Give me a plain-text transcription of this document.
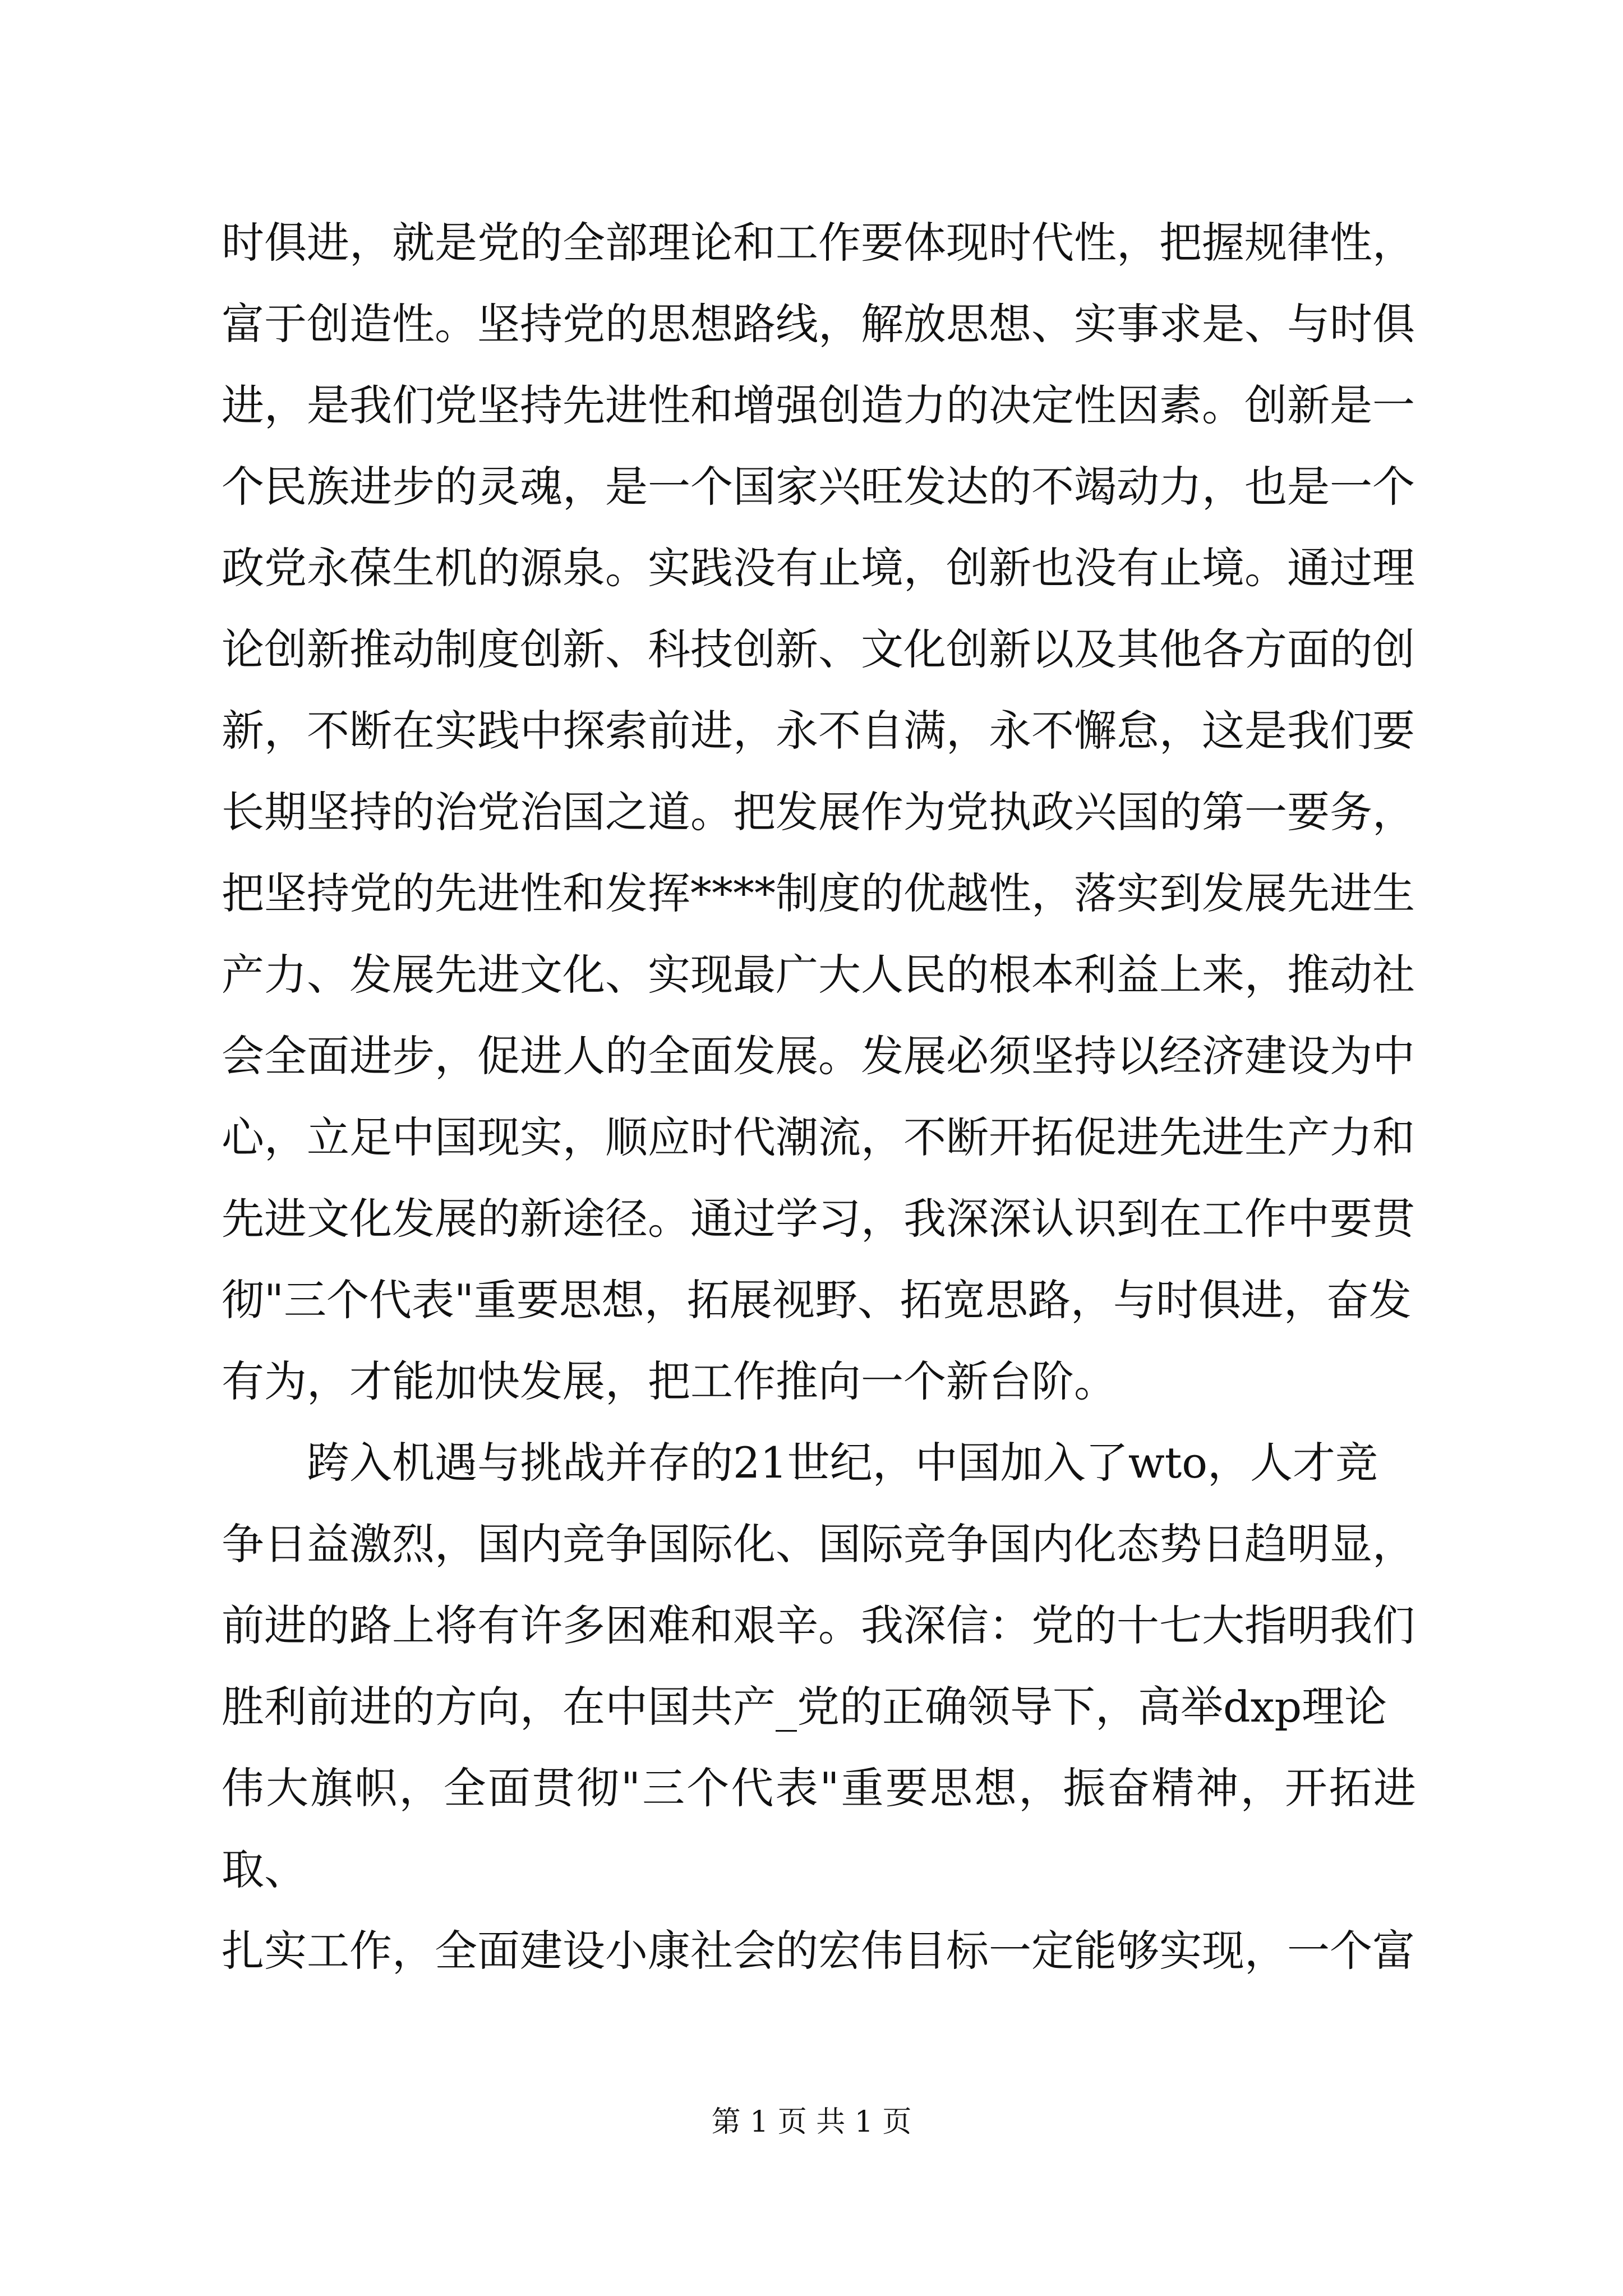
时俱进，就是党的全部理论和工作要体现时代性，把握规律性，
富于创造性。坚持党的思想路线，解放思想、实事求是、与时俱
进，是我们党坚持先进性和增强创造力的决定性因素。创新是一
个民族进步的灵魂，是一个国家兴旺发达的不竭动力，也是一个
政党永葆生机的源泉。实践没有止境，创新也没有止境。通过理
论创新推动制度创新、科技创新、文化创新以及其他各方面的创
新，不断在实践中探索前进，永不自满，永不懈怠，这是我们要
长期坚持的治党治国之道。把发展作为党执政兴国的第一要务，
把坚持党的先进性和发挥****制度的优越性，落实到发展先进生
产力、发展先进文化、实现最广大人民的根本利益上来，推动社
会全面进步，促进人的全面发展。发展必须坚持以经济建设为中
心，立足中国现实，顺应时代潮流，不断开拓促进先进生产力和
先进文化发展的新途径。通过学习，我深深认识到在工作中要贯
彻"三个代表"重要思想，拓展视野、拓宽思路，与时俱进，奋发
有为，才能加快发展，把工作推向一个新台阶。

跨入机遇与挑战并存的21世纪，中国加入了wto，人才竞
争日益激烈，国内竞争国际化、国际竞争国内化态势日趋明显，
前进的路上将有许多困难和艰辛。我深信：党的十七大指明我们
胜利前进的方向，在中国共产_党的正确领导下，高举dxp理论
伟大旗帜，全面贯彻"三个代表"重要思想，振奋精神，开拓进取、
扎实工作，全面建设小康社会的宏伟目标一定能够实现，一个富

第 1 页 共 1 页
